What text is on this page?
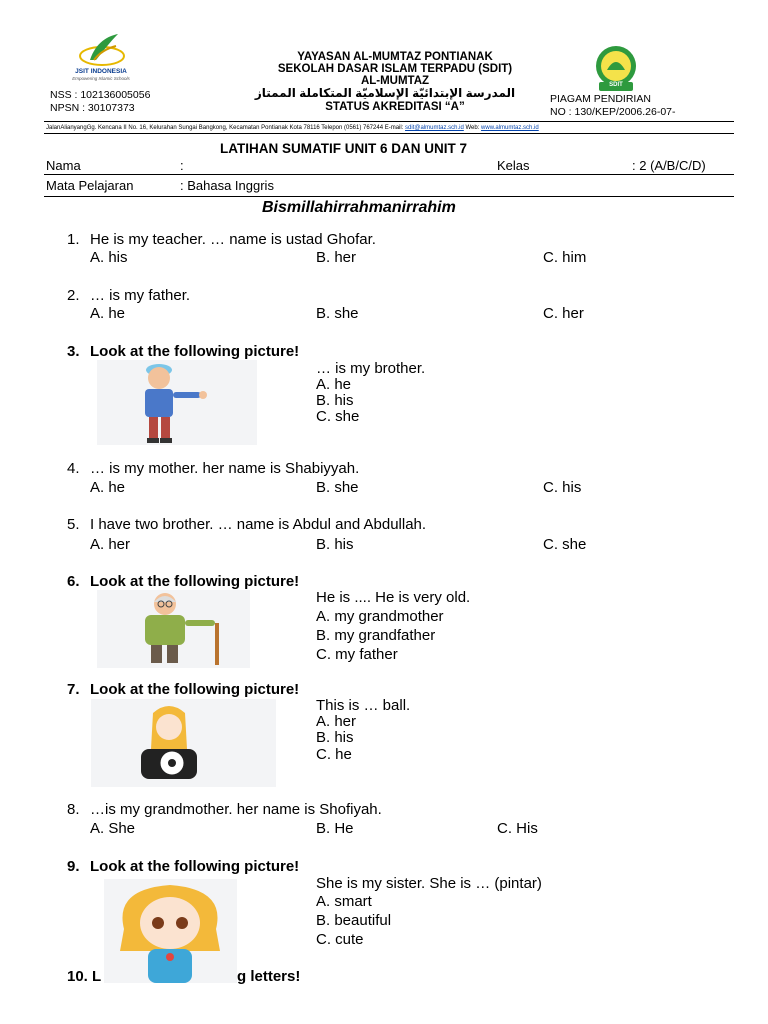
JSIT INDONESIA
Empowering Islamic Schools
NSS : 102136005056
NPSN : 30107373
YAYASAN AL-MUMTAZ PONTIANAK
SEKOLAH DASAR ISLAM TERPADU (SDIT)
AL-MUMTAZ
المدرسة الإبتدائيّة الإسلاميّة المتكاملة الممتاز
STATUS AKREDITASI “A”
SDIT
PIAGAM PENDIRIAN
NO : 130/KEP/2006.26-07-
JalanAlianyangGg. Kencana II No. 16, Kelurahan Sungai Bangkong, Kecamatan Pontianak Kota 78116 Telepon (0561) 767244 E-mail: sdit@almumtaz.sch.id Web: www.almumtaz.sch.id
LATIHAN SUMATIF UNIT 6 DAN UNIT 7
Nama	:	Kelas	: 2 (A/B/C/D)
Mata Pelajaran	: Bahasa Inggris
Bismillahirrahmanirrahim
1. He is my teacher. … name is ustad Ghofar.
A. his	B. her	C. him
2. … is my father.
A. he	B. she	C. her
3. Look at the following picture!
… is my brother.
A. he
B. his
C. she
4. … is my mother. her name is Shabiyyah.
A. he	B. she	C. his
5. I have two brother. … name is Abdul and Abdullah.
A. her	B. his	C. she
6. Look at the following picture!
He is .... He is very old.
A. my grandmother
B. my grandfather
C. my father
7. Look at the following picture!
This is … ball.
A. her
B. his
C. he
8. …is my grandmother. her name is Shofiyah.
A. She	B. He	C. His
9. Look at the following picture!
She is my sister. She is … (pintar)
A. smart
B. beautiful
C. cute
10. L	g letters!
